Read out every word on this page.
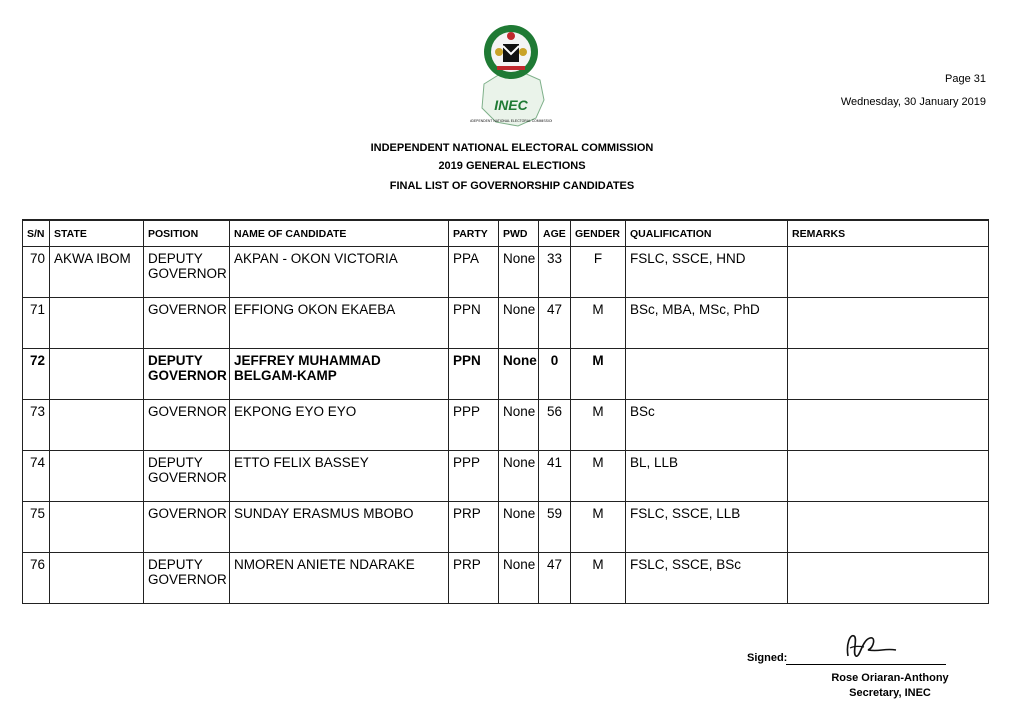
INEC
INDEPENDENT NATIONAL ELECTORAL COMMISSION
Page 31
Wednesday, 30 January 2019
INDEPENDENT NATIONAL ELECTORAL COMMISSION
2019 GENERAL ELECTIONS
FINAL LIST OF GOVERNORSHIP CANDIDATES
S/N	STATE	POSITION	NAME OF CANDIDATE	PARTY	PWD	AGE	GENDER	QUALIFICATION	REMARKS
70	AKWA IBOM	DEPUTY GOVERNOR	AKPAN - OKON VICTORIA	PPA	None	33	F	FSLC, SSCE, HND	
71		GOVERNOR	EFFIONG OKON EKAEBA	PPN	None	47	M	BSc, MBA, MSc, PhD	
72		DEPUTY GOVERNOR	JEFFREY MUHAMMAD BELGAM-KAMP	PPN	None	0	M		
73		GOVERNOR	EKPONG EYO EYO	PPP	None	56	M	BSc	
74		DEPUTY GOVERNOR	ETTO FELIX BASSEY	PPP	None	41	M	BL, LLB	
75		GOVERNOR	SUNDAY ERASMUS MBOBO	PRP	None	59	M	FSLC, SSCE, LLB	
76		DEPUTY GOVERNOR	NMOREN ANIETE NDARAKE	PRP	None	47	M	FSLC, SSCE, BSc	
Signed:
Rose Oriaran-Anthony
Secretary, INEC
